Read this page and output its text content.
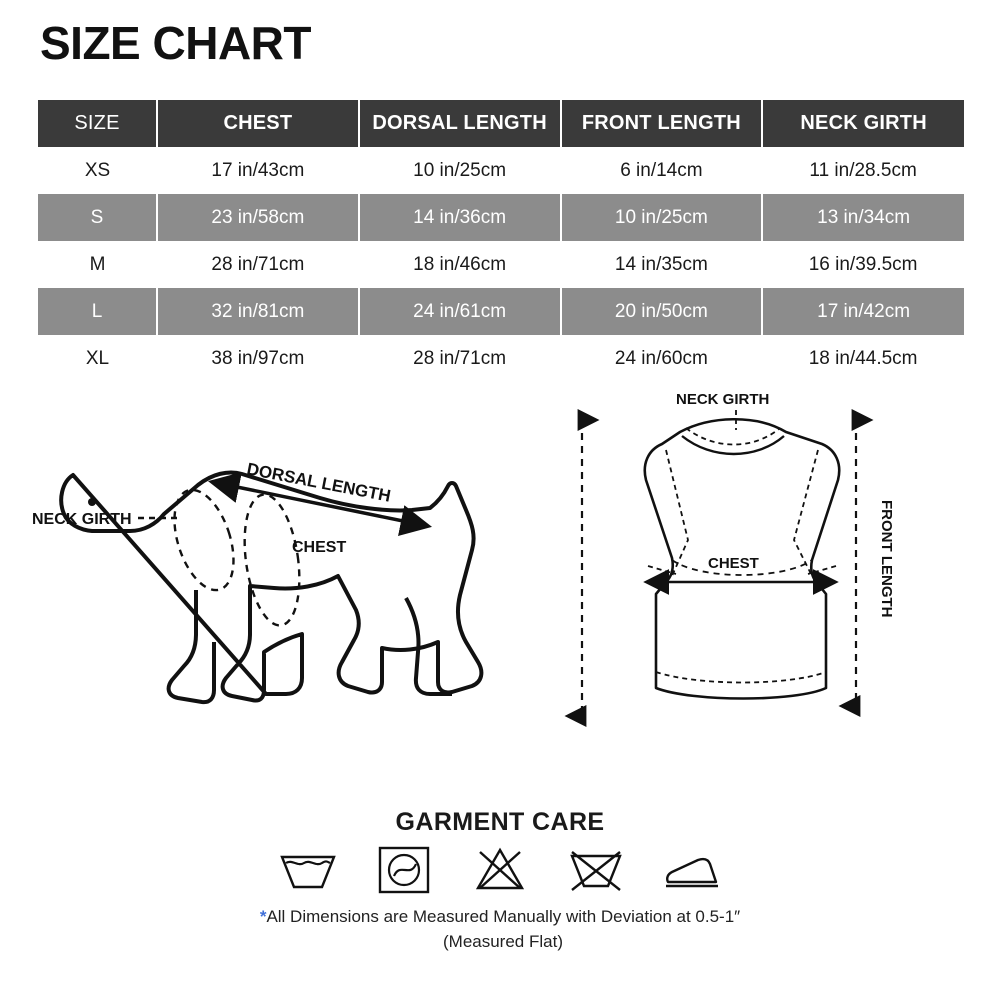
SIZE CHART
SIZE	CHEST	DORSAL LENGTH	FRONT LENGTH	NECK GIRTH
XS	17 in/43cm	10 in/25cm	6 in/14cm	11 in/28.5cm
S	23 in/58cm	14 in/36cm	10 in/25cm	13 in/34cm
M	28 in/71cm	18 in/46cm	14 in/35cm	16 in/39.5cm
L	32 in/81cm	24 in/61cm	20 in/50cm	17 in/42cm
XL	38 in/97cm	28 in/71cm	24 in/60cm	18 in/44.5cm
DORSAL LENGTH
NECK GIRTH
CHEST
NECK GIRTH
CHEST	FRONT LENGTH
GARMENT CARE
*All Dimensions are Measured Manually with Deviation at 0.5-1″
(Measured Flat)
